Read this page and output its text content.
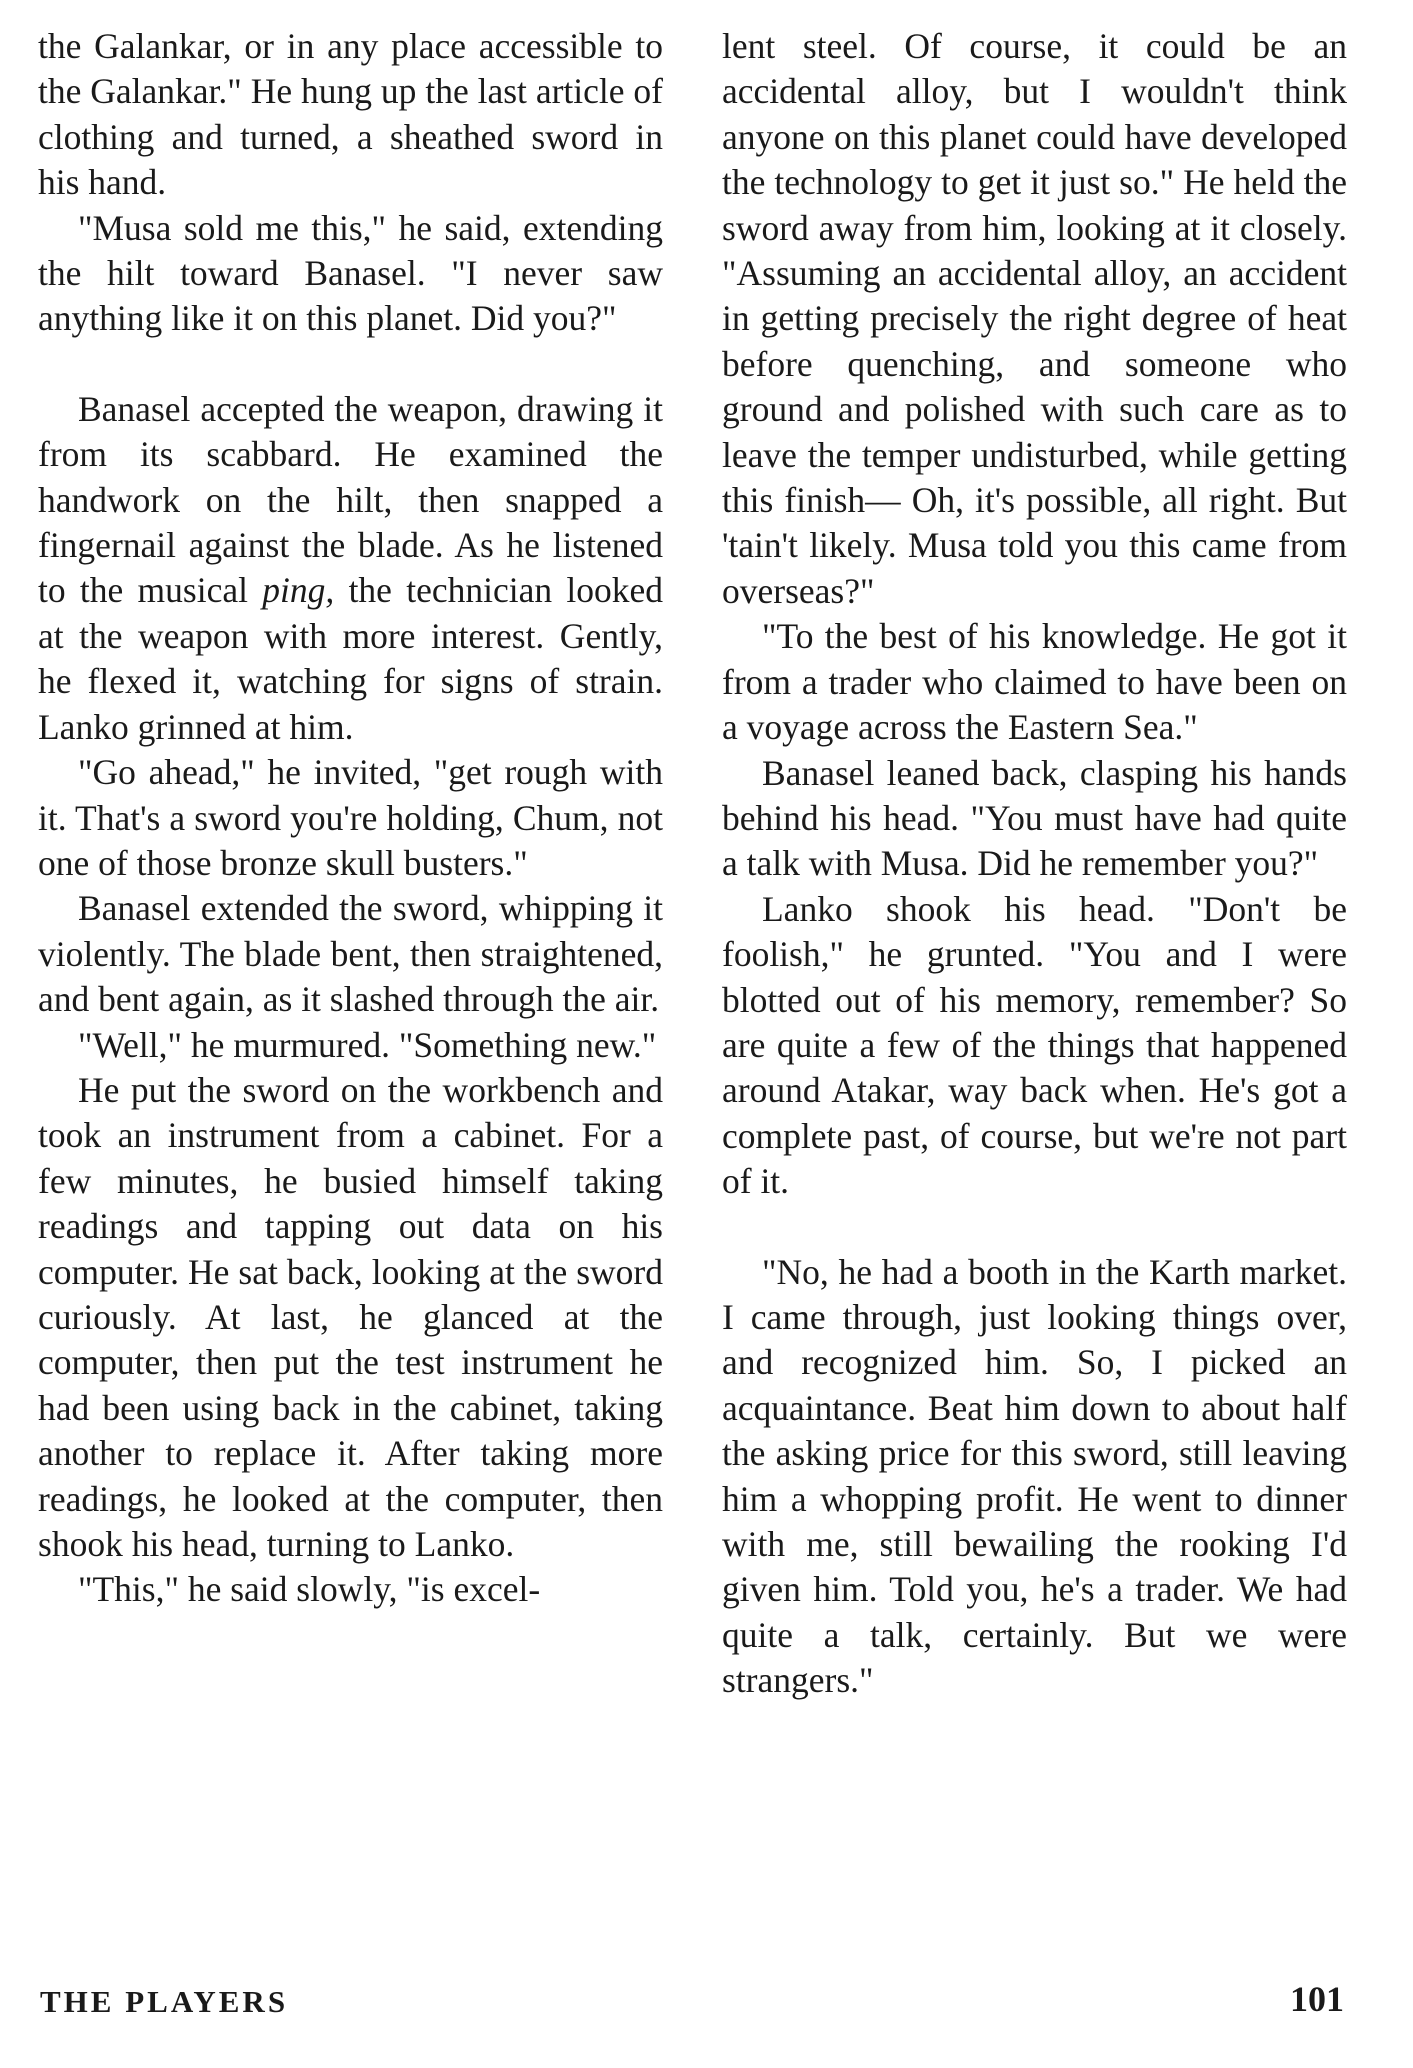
the Galankar, or in any place accessible to the Galankar." He hung up the last article of clothing and turned, a sheathed sword in his hand.

"Musa sold me this," he said, extending the hilt toward Banasel. "I never saw anything like it on this planet. Did you?"

Banasel accepted the weapon, drawing it from its scabbard. He examined the handwork on the hilt, then snapped a fingernail against the blade. As he listened to the musical ping, the technician looked at the weapon with more interest. Gently, he flexed it, watching for signs of strain. Lanko grinned at him.

"Go ahead," he invited, "get rough with it. That's a sword you're holding, Chum, not one of those bronze skull busters."

Banasel extended the sword, whipping it violently. The blade bent, then straightened, and bent again, as it slashed through the air.

"Well," he murmured. "Something new."

He put the sword on the workbench and took an instrument from a cabinet. For a few minutes, he busied himself taking readings and tapping out data on his computer. He sat back, looking at the sword curiously. At last, he glanced at the computer, then put the test instrument he had been using back in the cabinet, taking another to replace it. After taking more readings, he looked at the computer, then shook his head, turning to Lanko.

"This," he said slowly, "is excel-

lent steel. Of course, it could be an accidental alloy, but I wouldn't think anyone on this planet could have developed the technology to get it just so." He held the sword away from him, looking at it closely. "Assuming an accidental alloy, an accident in getting precisely the right degree of heat before quenching, and someone who ground and polished with such care as to leave the temper undisturbed, while getting this finish— Oh, it's possible, all right. But 'tain't likely. Musa told you this came from overseas?"

"To the best of his knowledge. He got it from a trader who claimed to have been on a voyage across the Eastern Sea."

Banasel leaned back, clasping his hands behind his head. "You must have had quite a talk with Musa. Did he remember you?"

Lanko shook his head. "Don't be foolish," he grunted. "You and I were blotted out of his memory, remember? So are quite a few of the things that happened around Atakar, way back when. He's got a complete past, of course, but we're not part of it.

"No, he had a booth in the Karth market. I came through, just looking things over, and recognized him. So, I picked an acquaintance. Beat him down to about half the asking price for this sword, still leaving him a whopping profit. He went to dinner with me, still bewailing the rooking I'd given him. Told you, he's a trader. We had quite a talk, certainly. But we were strangers."

THE PLAYERS	101
